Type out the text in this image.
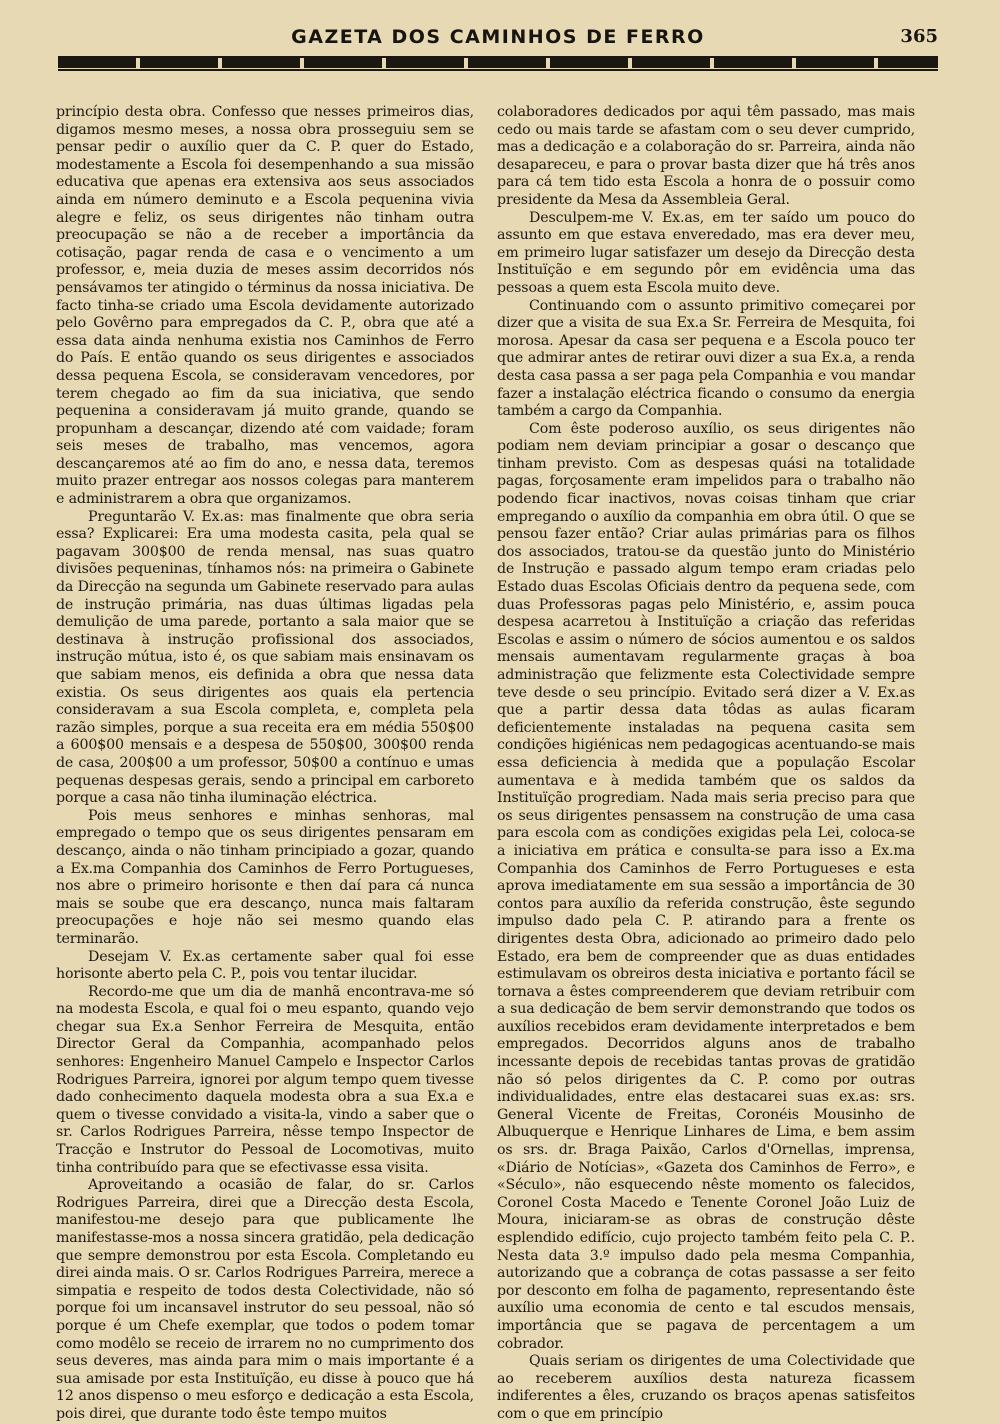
GAZETA DOS CAMINHOS DE FERRO	365

princípio desta obra. Confesso que nesses primeiros dias, digamos mesmo meses, a nossa obra prosseguiu sem se pensar pedir o auxílio quer da C. P. quer do Estado, modestamente a Escola foi desempenhando a sua missão educativa que apenas era extensiva aos seus associados ainda em número deminuto e a Escola pequenina vivia alegre e feliz, os seus dirigentes não tinham outra preocupação se não a de receber a importância da cotisação, pagar renda de casa e o vencimento a um professor, e, meia duzia de meses assim decorridos nós pensávamos ter atingido o términus da nossa iniciativa. De facto tinha-se criado uma Escola devidamente autorizado pelo Govêrno para empregados da C. P., obra que até a essa data ainda nenhuma existia nos Caminhos de Ferro do País. E então quando os seus dirigentes e associados dessa pequena Escola, se consideravam vencedores, por terem chegado ao fim da sua iniciativa, que sendo pequenina a consideravam já muito grande, quando se propunham a descançar, dizendo até com vaidade; foram seis meses de trabalho, mas vencemos, agora descançaremos até ao fim do ano, e nessa data, teremos muito prazer entregar aos nossos colegas para manterem e administrarem a obra que organizamos.

Preguntarão V. Ex.as: mas finalmente que obra seria essa? Explicarei: Era uma modesta casita, pela qual se pagavam 300$00 de renda mensal, nas suas quatro divisões pequeninas, tínhamos nós: na primeira o Gabinete da Direcção na segunda um Gabinete reservado para aulas de instrução primária, nas duas últimas ligadas pela demulição de uma parede, portanto a sala maior que se destinava à instrução profissional dos associados, instrução mútua, isto é, os que sabiam mais ensinavam os que sabiam menos, eis definida a obra que nessa data existia. Os seus dirigentes aos quais ela pertencia consideravam a sua Escola completa, e, completa pela razão simples, porque a sua receita era em média 550$00 a 600$00 mensais e a despesa de 550$00, 300$00 renda de casa, 200$00 a um professor, 50$00 a contínuo e umas pequenas despesas gerais, sendo a principal em carboreto porque a casa não tinha iluminação eléctrica.

Pois meus senhores e minhas senhoras, mal empregado o tempo que os seus dirigentes pensaram em descanço, ainda o não tinham principiado a gozar, quando a Ex.ma Companhia dos Caminhos de Ferro Portugueses, nos abre o primeiro horisonte e then daí para cá nunca mais se soube que era descanço, nunca mais faltaram preocupações e hoje não sei mesmo quando elas terminarão.

Desejam V. Ex.as certamente saber qual foi esse horisonte aberto pela C. P., pois vou tentar ilucidar.

Recordo-me que um dia de manhã encontrava-me só na modesta Escola, e qual foi o meu espanto, quando vejo chegar sua Ex.a Senhor Ferreira de Mesquita, então Director Geral da Companhia, acompanhado pelos senhores: Engenheiro Manuel Campelo e Inspector Carlos Rodrigues Parreira, ignorei por algum tempo quem tivesse dado conhecimento daquela modesta obra a sua Ex.a e quem o tivesse convidado a visita-la, vindo a saber que o sr. Carlos Rodrigues Parreira, nêsse tempo Inspector de Tracção e Instrutor do Pessoal de Locomotivas, muito tinha contribuído para que se efectivasse essa visita.

Aproveitando a ocasião de falar, do sr. Carlos Rodrigues Parreira, direi que a Direcção desta Escola, manifestou-me desejo para que publicamente lhe manifestasse-mos a nossa sincera gratidão, pela dedicação que sempre demonstrou por esta Escola. Completando eu direi ainda mais. O sr. Carlos Rodrigues Parreira, merece a simpatia e respeito de todos desta Colectividade, não só porque foi um incansavel instrutor do seu pessoal, não só porque é um Chefe exemplar, que todos o podem tomar como modêlo se receio de irrarem no no cumprimento dos seus deveres, mas ainda para mim o mais importante é a sua amisade por esta Instituïção, eu disse à pouco que há 12 anos dispenso o meu esforço e dedicação a esta Escola, pois direi, que durante todo êste tempo muitos

colaboradores dedicados por aqui têm passado, mas mais cedo ou mais tarde se afastam com o seu dever cumprido, mas a dedicação e a colaboração do sr. Parreira, ainda não desapareceu, e para o provar basta dizer que há três anos para cá tem tido esta Escola a honra de o possuir como presidente da Mesa da Assembleia Geral.

Desculpem-me V. Ex.as, em ter saído um pouco do assunto em que estava enveredado, mas era dever meu, em primeiro lugar satisfazer um desejo da Direcção desta Instituïção e em segundo pôr em evidência uma das pessoas a quem esta Escola muito deve.

Continuando com o assunto primitivo começarei por dizer que a visita de sua Ex.a Sr. Ferreira de Mesquita, foi morosa. Apesar da casa ser pequena e a Escola pouco ter que admirar antes de retirar ouvi dizer a sua Ex.a, a renda desta casa passa a ser paga pela Companhia e vou mandar fazer a instalação eléctrica ficando o consumo da energia também a cargo da Companhia.

Com êste poderoso auxílio, os seus dirigentes não podiam nem deviam principiar a gosar o descanço que tinham previsto. Com as despesas quási na totalidade pagas, forçosamente eram impelidos para o trabalho não podendo ficar inactivos, novas coisas tinham que criar empregando o auxílio da companhia em obra útil. O que se pensou fazer então? Criar aulas primárias para os filhos dos associados, tratou-se da questão junto do Ministério de Instrução e passado algum tempo eram criadas pelo Estado duas Escolas Oficiais dentro da pequena sede, com duas Professoras pagas pelo Ministério, e, assim pouca despesa acarretou à Instituïção a criação das referidas Escolas e assim o número de sócios aumentou e os saldos mensais aumentavam regularmente graças à boa administração que felizmente esta Colectividade sempre teve desde o seu princípio. Evitado será dizer a V. Ex.as que a partir dessa data tôdas as aulas ficaram deficientemente instaladas na pequena casita sem condições higiénicas nem pedagogicas acentuando-se mais essa deficiencia à medida que a população Escolar aumentava e à medida também que os saldos da Instituïção progrediam. Nada mais seria preciso para que os seus dirigentes pensassem na construção de uma casa para escola com as condições exigidas pela Lei, coloca-se a iniciativa em prática e consulta-se para isso a Ex.ma Companhia dos Caminhos de Ferro Portugueses e esta aprova imediatamente em sua sessão a importância de 30 contos para auxílio da referida construção, êste segundo impulso dado pela C. P. atirando para a frente os dirigentes desta Obra, adicionado ao primeiro dado pelo Estado, era bem de compreender que as duas entidades estimulavam os obreiros desta iniciativa e portanto fácil se tornava a êstes compreenderem que deviam retribuir com a sua dedicação de bem servir demonstrando que todos os auxílios recebidos eram devidamente interpretados e bem empregados. Decorridos alguns anos de trabalho incessante depois de recebidas tantas provas de gratidão não só pelos dirigentes da C. P. como por outras individualidades, entre elas destacarei suas ex.as: srs. General Vicente de Freitas, Coronéis Mousinho de Albuquerque e Henrique Linhares de Lima, e bem assim os srs. dr. Braga Paixão, Carlos d'Ornellas, imprensa, «Diário de Notícias», «Gazeta dos Caminhos de Ferro», e «Século», não esquecendo nêste momento os falecidos, Coronel Costa Macedo e Tenente Coronel João Luiz de Moura, iniciaram-se as obras de construção dêste esplendido edifício, cujo projecto também feito pela C. P.. Nesta data 3.º impulso dado pela mesma Companhia, autorizando que a cobrança de cotas passasse a ser feito por desconto em folha de pagamento, representando êste auxílio uma economia de cento e tal escudos mensais, importância que se pagava de percentagem a um cobrador.

Quais seriam os dirigentes de uma Colectividade que ao receberem auxílios desta natureza ficassem indiferentes a êles, cruzando os braços apenas satisfeitos com o que em princípio
